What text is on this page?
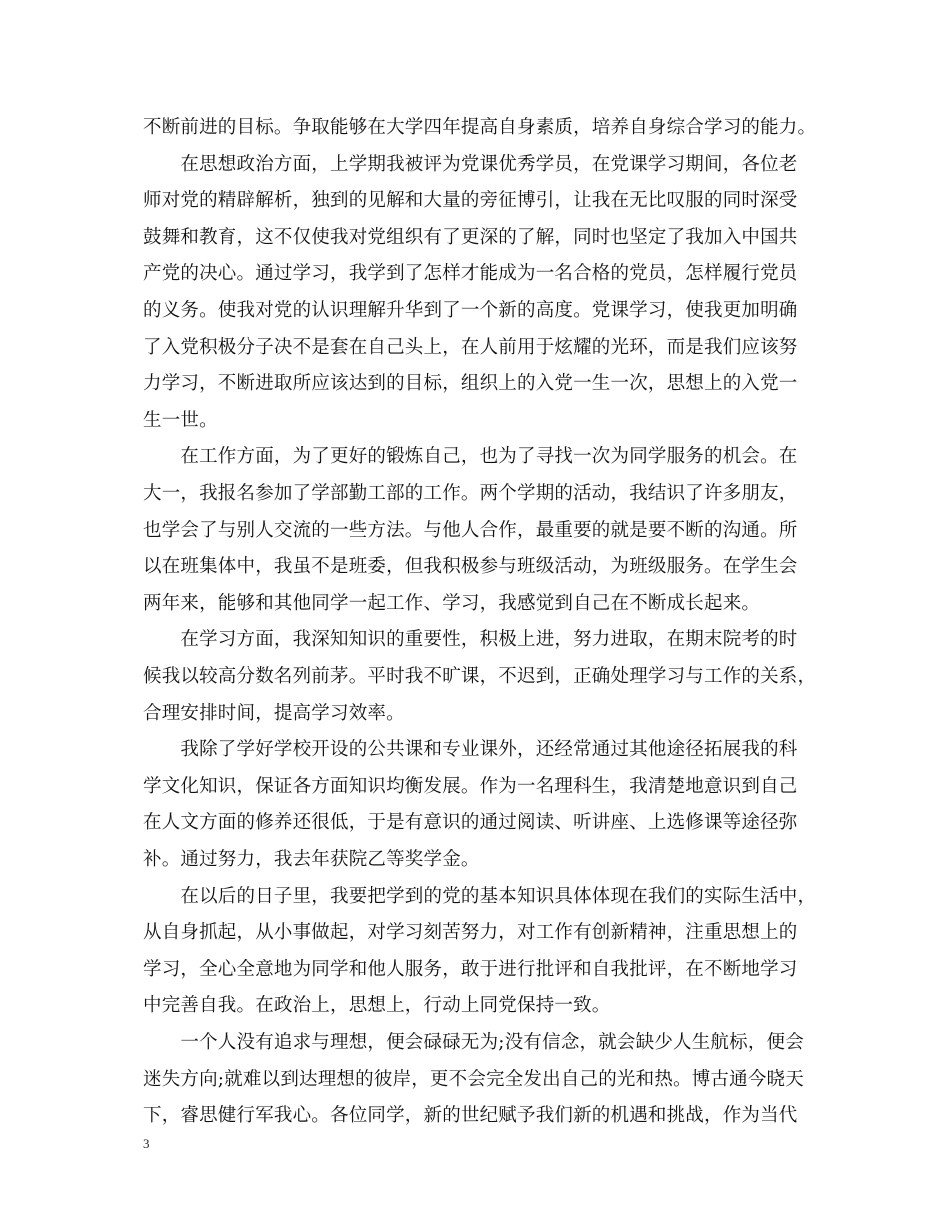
不断前进的目标。争取能够在大学四年提高自身素质，培养自身综合学习的能力。
　　在思想政治方面，上学期我被评为党课优秀学员，在党课学习期间，各位老
师对党的精辟解析，独到的见解和大量的旁征博引，让我在无比叹服的同时深受
鼓舞和教育，这不仅使我对党组织有了更深的了解，同时也坚定了我加入中国共
产党的决心。通过学习，我学到了怎样才能成为一名合格的党员，怎样履行党员
的义务。使我对党的认识理解升华到了一个新的高度。党课学习，使我更加明确
了入党积极分子决不是套在自己头上，在人前用于炫耀的光环，而是我们应该努
力学习，不断进取所应该达到的目标，组织上的入党一生一次，思想上的入党一
生一世。
　　在工作方面，为了更好的锻炼自己，也为了寻找一次为同学服务的机会。在
大一，我报名参加了学部勤工部的工作。两个学期的活动，我结识了许多朋友，
也学会了与别人交流的一些方法。与他人合作，最重要的就是要不断的沟通。所
以在班集体中，我虽不是班委，但我积极参与班级活动，为班级服务。在学生会
两年来，能够和其他同学一起工作、学习，我感觉到自己在不断成长起来。
　　在学习方面，我深知知识的重要性，积极上进，努力进取，在期末院考的时
候我以较高分数名列前茅。平时我不旷课，不迟到，正确处理学习与工作的关系，
合理安排时间，提高学习效率。
　　我除了学好学校开设的公共课和专业课外，还经常通过其他途径拓展我的科
学文化知识，保证各方面知识均衡发展。作为一名理科生，我清楚地意识到自己
在人文方面的修养还很低，于是有意识的通过阅读、听讲座、上选修课等途径弥
补。通过努力，我去年获院乙等奖学金。
　　在以后的日子里，我要把学到的党的基本知识具体体现在我们的实际生活中，
从自身抓起，从小事做起，对学习刻苦努力，对工作有创新精神，注重思想上的
学习，全心全意地为同学和他人服务，敢于进行批评和自我批评，在不断地学习
中完善自我。在政治上，思想上，行动上同党保持一致。
　　一个人没有追求与理想，便会碌碌无为;没有信念，就会缺少人生航标，便会
迷失方向;就难以到达理想的彼岸，更不会完全发出自己的光和热。博古通今晓天
下，睿思健行军我心。各位同学，新的世纪赋予我们新的机遇和挑战，作为当代
3
